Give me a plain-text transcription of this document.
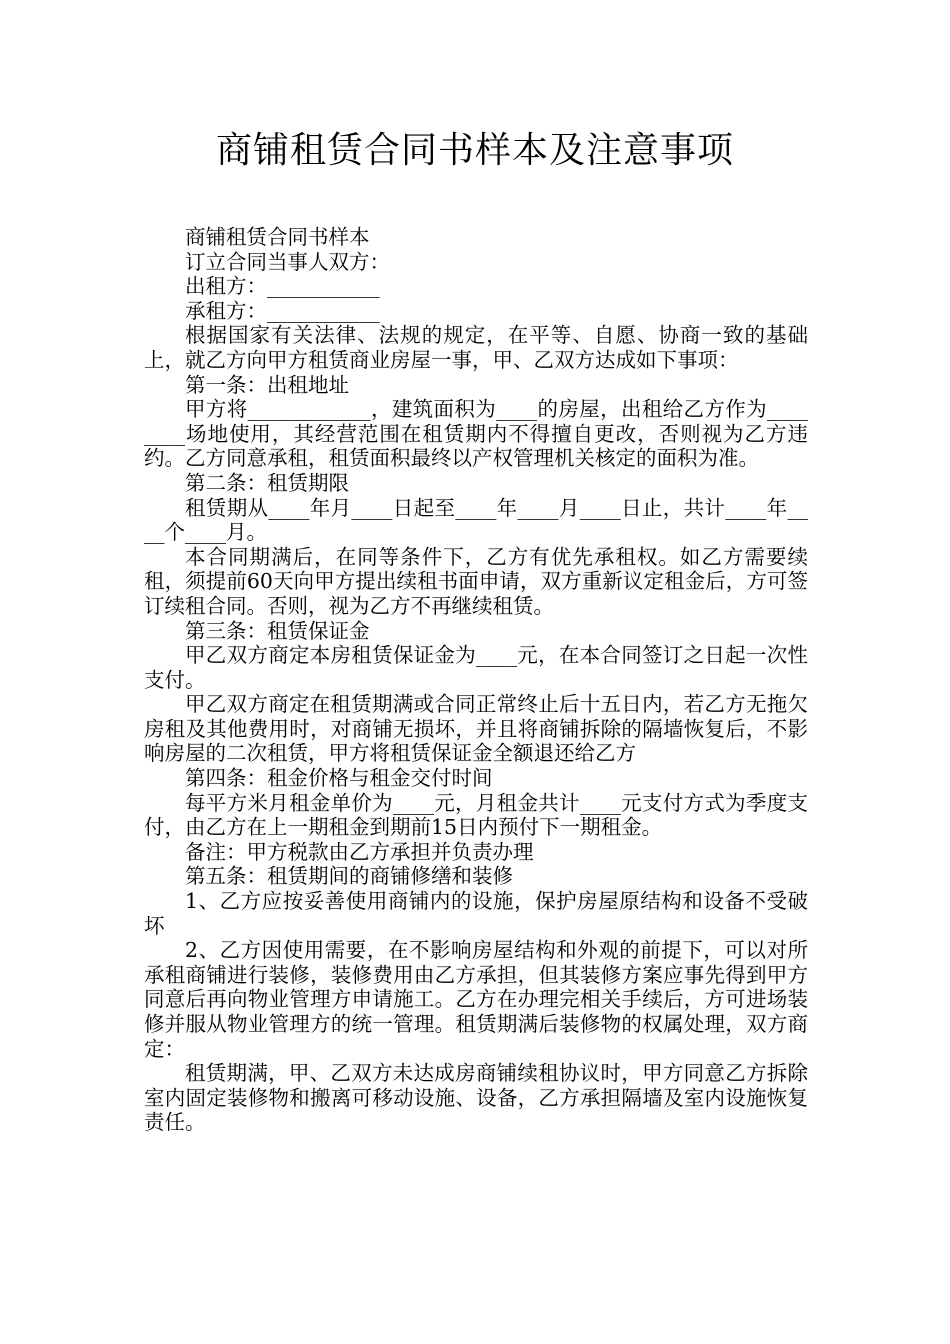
商铺租赁合同书样本及注意事项

商铺租赁合同书样本

订立合同当事人双方：

出租方：___________

承租方：___________

根据国家有关法律、法规的规定，在平等、自愿、协商一致的基础上，就乙方向甲方租赁商业房屋一事，甲、乙双方达成如下事项：

第一条：出租地址

甲方将____________，建筑面积为____的房屋，出租给乙方作为________场地使用，其经营范围在租赁期内不得擅自更改，否则视为乙方违约。乙方同意承租，租赁面积最终以产权管理机关核定的面积为准。

第二条：租赁期限

租赁期从____年月____日起至____年____月____日止，共计____年____个____月。

本合同期满后，在同等条件下，乙方有优先承租权。如乙方需要续租，须提前60天向甲方提出续租书面申请，双方重新议定租金后，方可签订续租合同。否则，视为乙方不再继续租赁。

第三条：租赁保证金

甲乙双方商定本房租赁保证金为____元，在本合同签订之日起一次性支付。

甲乙双方商定在租赁期满或合同正常终止后十五日内，若乙方无拖欠房租及其他费用时，对商铺无损坏，并且将商铺拆除的隔墙恢复后，不影响房屋的二次租赁，甲方将租赁保证金全额退还给乙方

第四条：租金价格与租金交付时间

每平方米月租金单价为____元，月租金共计____元支付方式为季度支付，由乙方在上一期租金到期前15日内预付下一期租金。

备注：甲方税款由乙方承担并负责办理

第五条：租赁期间的商铺修缮和装修

1、乙方应按妥善使用商铺内的设施，保护房屋原结构和设备不受破坏

2、乙方因使用需要，在不影响房屋结构和外观的前提下，可以对所承租商铺进行装修，装修费用由乙方承担，但其装修方案应事先得到甲方同意后再向物业管理方申请施工。乙方在办理完相关手续后，方可进场装修并服从物业管理方的统一管理。租赁期满后装修物的权属处理，双方商定：

租赁期满，甲、乙双方未达成房商铺续租协议时，甲方同意乙方拆除室内固定装修物和搬离可移动设施、设备，乙方承担隔墙及室内设施恢复责任。
